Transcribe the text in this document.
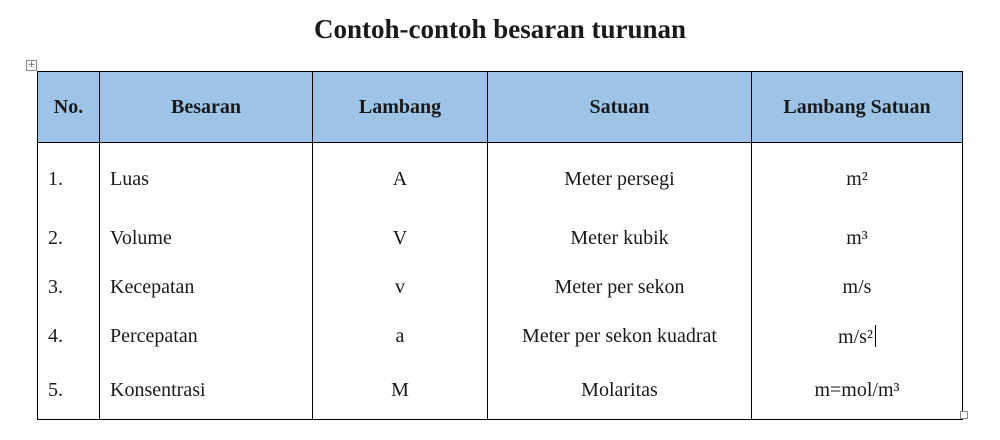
Contoh-contoh besaran turunan
+
No.	Besaran	Lambang	Satuan	Lambang Satuan
1.	Luas	A	Meter persegi	m²
2.	Volume	V	Meter kubik	m³
3.	Kecepatan	v	Meter per sekon	m/s
4.	Percepatan	a	Meter per sekon kuadrat	m/s²
5.	Konsentrasi	M	Molaritas	m=mol/m³
